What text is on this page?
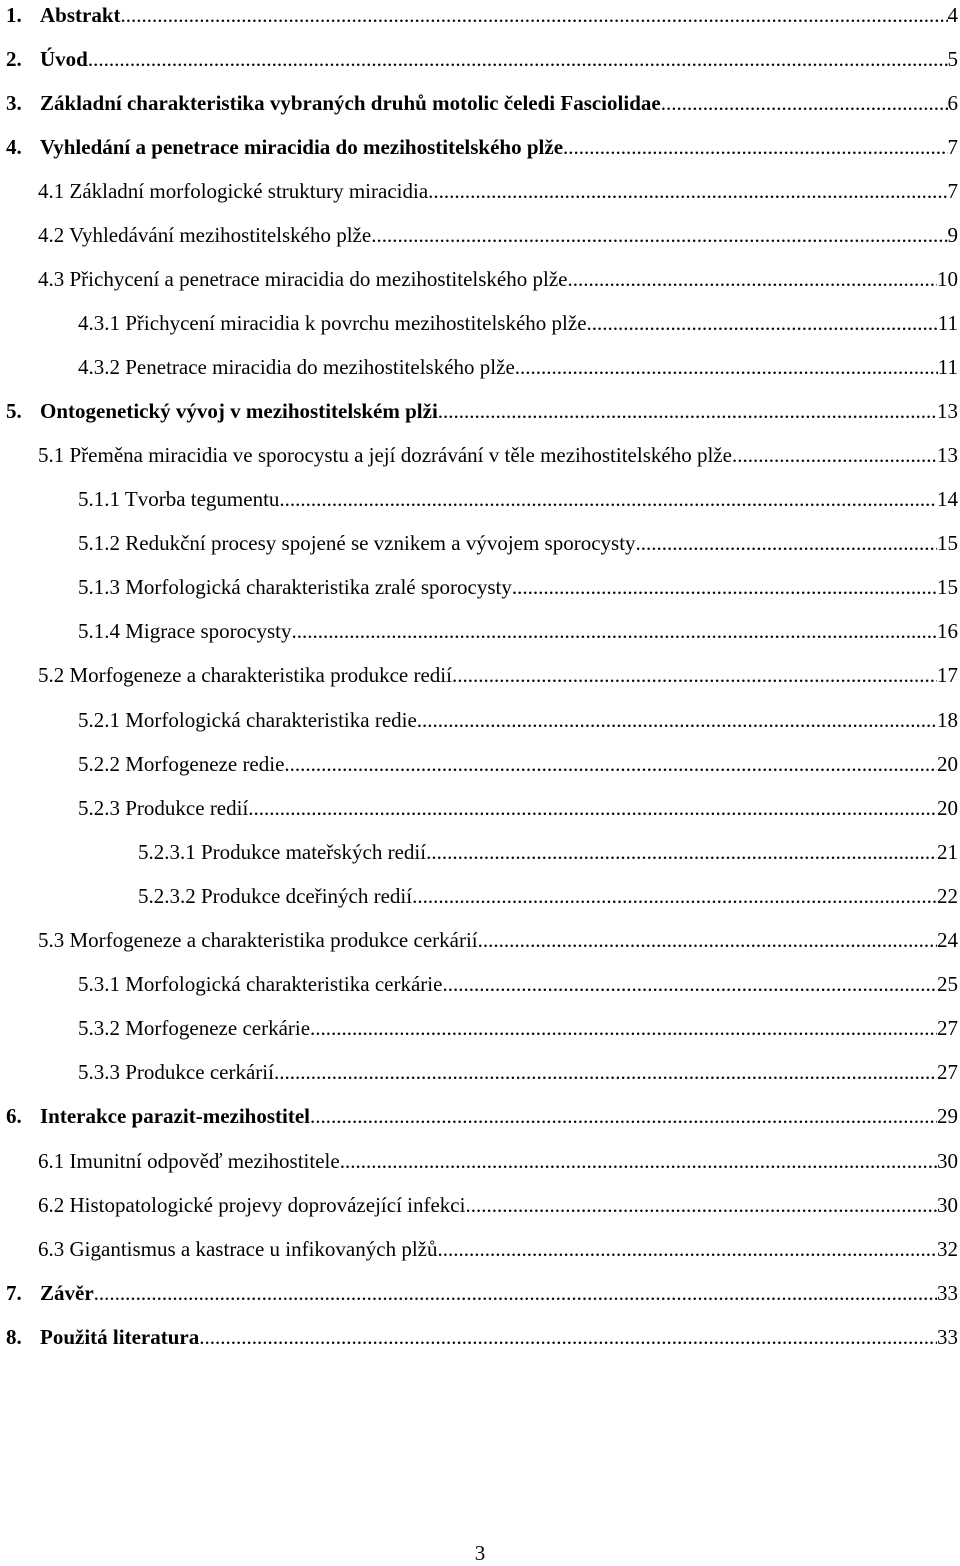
1. Abstrakt .....	4
2. Úvod .....	5
3. Základní charakteristika vybraných druhů motolic čeledi Fasciolidae .....	6
4. Vyhledání a penetrace miracidia do mezihostitelského plže .....	7
4.1 Základní morfologické struktury miracidia .....	7
4.2 Vyhledávání mezihostitelského plže .....	9
4.3 Přichycení a penetrace miracidia do mezihostitelského plže .....	10
4.3.1 Přichycení miracidia k povrchu mezihostitelského plže .....	11
4.3.2 Penetrace miracidia do mezihostitelského plže .....	11
5. Ontogenetický vývoj v mezihostitelském plži .....	13
5.1 Přeměna miracidia ve sporocystu a její dozrávání v těle mezihostitelského plže .....	13
5.1.1 Tvorba tegumentu .....	14
5.1.2 Redukční procesy spojené se vznikem a vývojem sporocysty .....	15
5.1.3 Morfologická charakteristika zralé sporocysty .....	15
5.1.4 Migrace sporocysty .....	16
5.2 Morfogeneze a charakteristika produkce redií .....	17
5.2.1 Morfologická charakteristika redie .....	18
5.2.2 Morfogeneze redie .....	20
5.2.3 Produkce redií .....	20
5.2.3.1 Produkce mateřských redií .....	21
5.2.3.2 Produkce dceřiných redií .....	22
5.3 Morfogeneze a charakteristika produkce cerkárií .....	24
5.3.1 Morfologická charakteristika cerkárie .....	25
5.3.2 Morfogeneze cerkárie .....	27
5.3.3 Produkce cerkárií .....	27
6. Interakce parazit-mezihostitel .....	29
6.1 Imunitní odpověď mezihostitele .....	30
6.2 Histopatologické projevy doprovázející infekci .....	30
6.3 Gigantismus a kastrace u infikovaných plžů .....	32
7. Závěr .....	33
8. Použitá literatura .....	33
3
